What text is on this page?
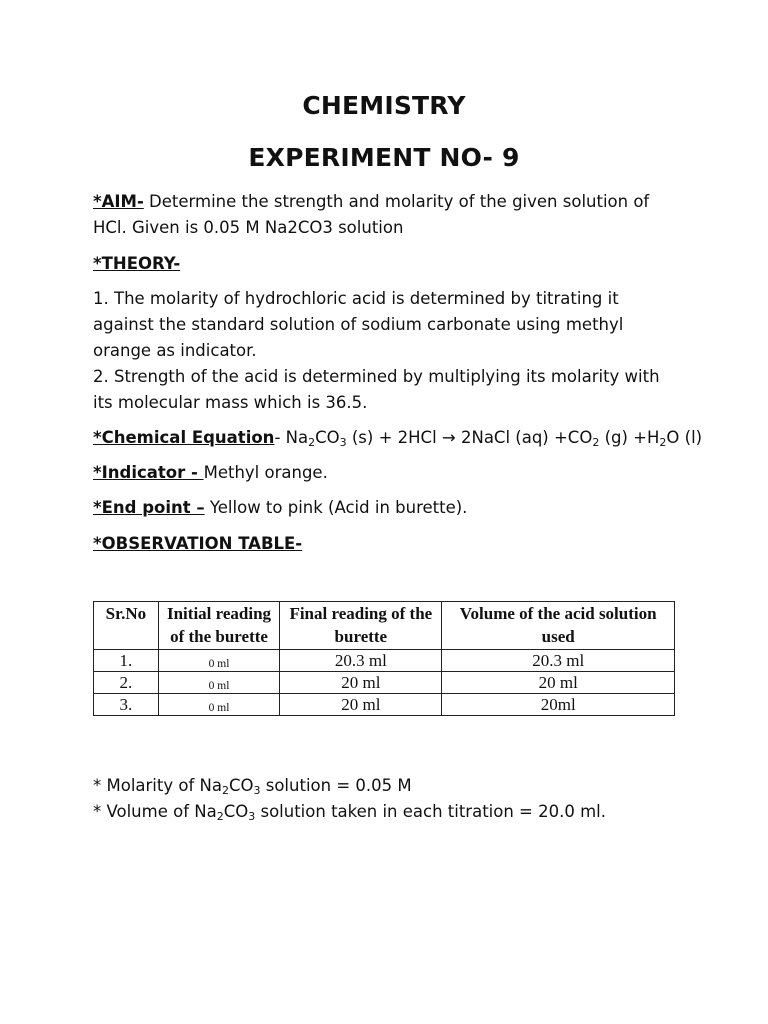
CHEMISTRY
EXPERIMENT NO- 9
*AIM- Determine the strength and molarity of the given solution of
HCl. Given is 0.05 M Na2CO3 solution
*THEORY-
1. The molarity of hydrochloric acid is determined by titrating it
against the standard solution of sodium carbonate using methyl
orange as indicator.
2. Strength of the acid is determined by multiplying its molarity with
its molecular mass which is 36.5.
*Chemical Equation- $Na_2CO_3$ (s) + 2HCl → 2NaCl $(aq) +CO_2$ $(g) +H_2O$ (l)
*Indicator - Methyl orange.
*End point – Yellow to pink (Acid in burette).
*OBSERVATION TABLE-
Sr.No	Initial reading of the burette	Final reading of the burette	Volume of the acid solution used
1.	0 ml	20.3 ml	20.3 ml
2.	0 ml	20 ml	20 ml
3.	0 ml	20 ml	20ml
* Molarity of $Na_2CO_3$ solution = 0.05 M
* Volume of $Na_2CO_3$ solution taken in each titration = 20.0 ml.
